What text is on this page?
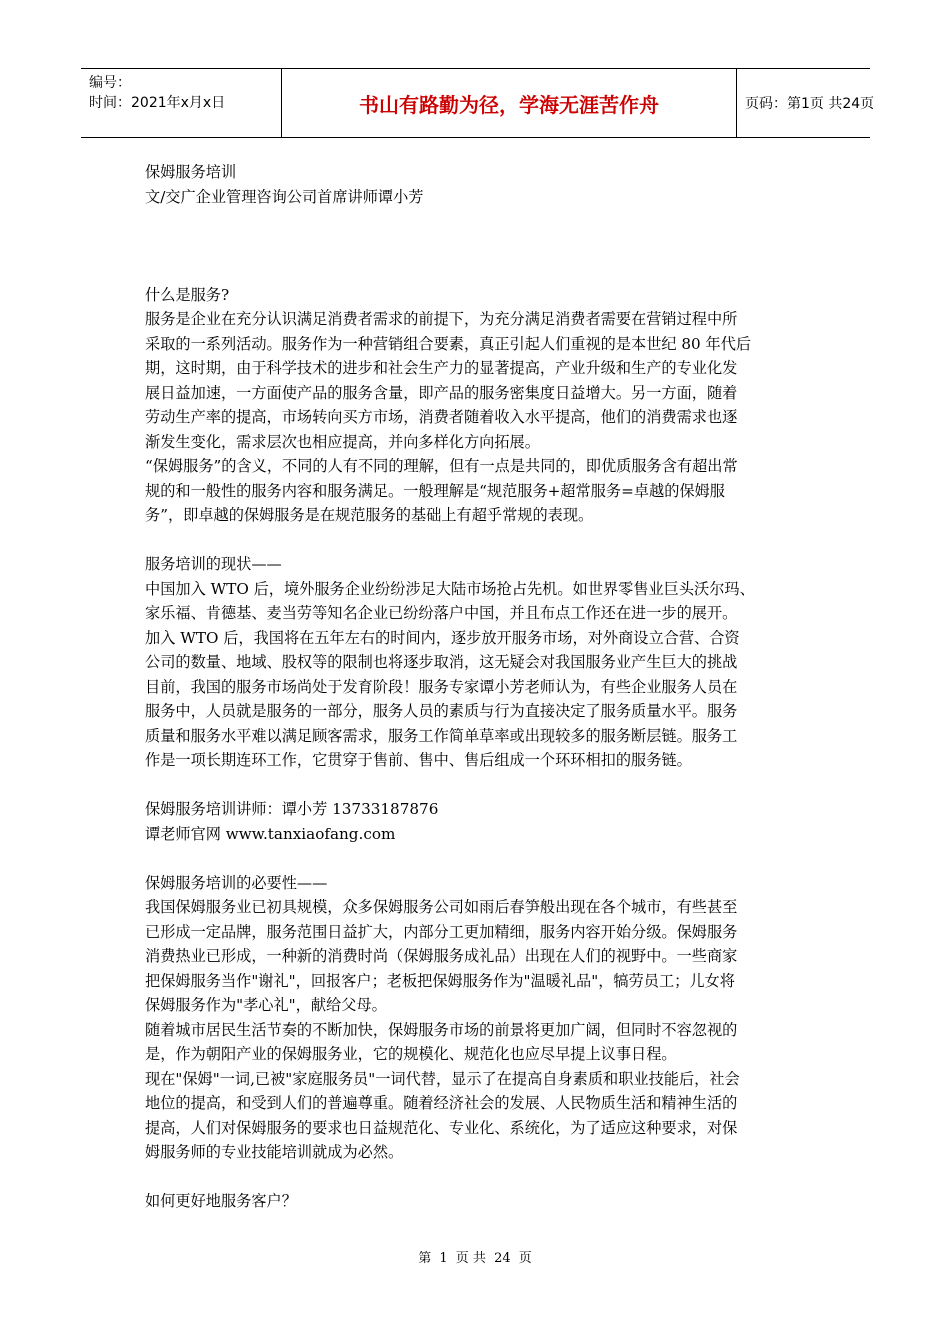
编号：
时间：2021年x月x日	书山有路勤为径，学海无涯苦作舟	页码：第1页 共24页

保姆服务培训

文/交广企业管理咨询公司首席讲师谭小芳

什么是服务?

服务是企业在充分认识满足消费者需求的前提下，为充分满足消费者需要在营销过程中所

采取的一系列活动。服务作为一种营销组合要素，真正引起人们重视的是本世纪 80 年代后

期，这时期，由于科学技术的进步和社会生产力的显著提高，产业升级和生产的专业化发

展日益加速，一方面使产品的服务含量，即产品的服务密集度日益增大。另一方面，随着

劳动生产率的提高，市场转向买方市场，消费者随着收入水平提高，他们的消费需求也逐

渐发生变化，需求层次也相应提高，并向多样化方向拓展。

“保姆服务”的含义，不同的人有不同的理解，但有一点是共同的，即优质服务含有超出常

规的和一般性的服务内容和服务满足。一般理解是“规范服务+超常服务=卓越的保姆服

务”，即卓越的保姆服务是在规范服务的基础上有超乎常规的表现。

服务培训的现状——

中国加入 WTO 后，境外服务企业纷纷涉足大陆市场抢占先机。如世界零售业巨头沃尔玛、

家乐福、肯德基、麦当劳等知名企业已纷纷落户中国，并且布点工作还在进一步的展开。

加入 WTO 后，我国将在五年左右的时间内，逐步放开服务市场，对外商设立合营、合资

公司的数量、地域、股权等的限制也将逐步取消，这无疑会对我国服务业产生巨大的挑战

目前，我国的服务市场尚处于发育阶段！服务专家谭小芳老师认为，有些企业服务人员在

服务中，人员就是服务的一部分，服务人员的素质与行为直接决定了服务质量水平。服务

质量和服务水平难以满足顾客需求，服务工作简单草率或出现较多的服务断层链。服务工

作是一项长期连环工作，它贯穿于售前、售中、售后组成一个环环相扣的服务链。

保姆服务培训讲师：谭小芳 13733187876

谭老师官网 www.tanxiaofang.com

保姆服务培训的必要性——

我国保姆服务业已初具规模，众多保姆服务公司如雨后春笋般出现在各个城市，有些甚至

已形成一定品牌，服务范围日益扩大，内部分工更加精细，服务内容开始分级。保姆服务

消费热业已形成，一种新的消费时尚（保姆服务成礼品）出现在人们的视野中。一些商家

把保姆服务当作"谢礼"，回报客户；老板把保姆服务作为"温暖礼品"，犒劳员工；儿女将

保姆服务作为"孝心礼"，献给父母。

随着城市居民生活节奏的不断加快，保姆服务市场的前景将更加广阔，但同时不容忽视的

是，作为朝阳产业的保姆服务业，它的规模化、规范化也应尽早提上议事日程。

现在"保姆"一词,已被"家庭服务员"一词代替，显示了在提高自身素质和职业技能后，社会

地位的提高，和受到人们的普遍尊重。随着经济社会的发展、人民物质生活和精神生活的

提高，人们对保姆服务的要求也日益规范化、专业化、系统化，为了适应这种要求，对保

姆服务师的专业技能培训就成为必然。

如何更好地服务客户？

第 1 页 共 24 页
